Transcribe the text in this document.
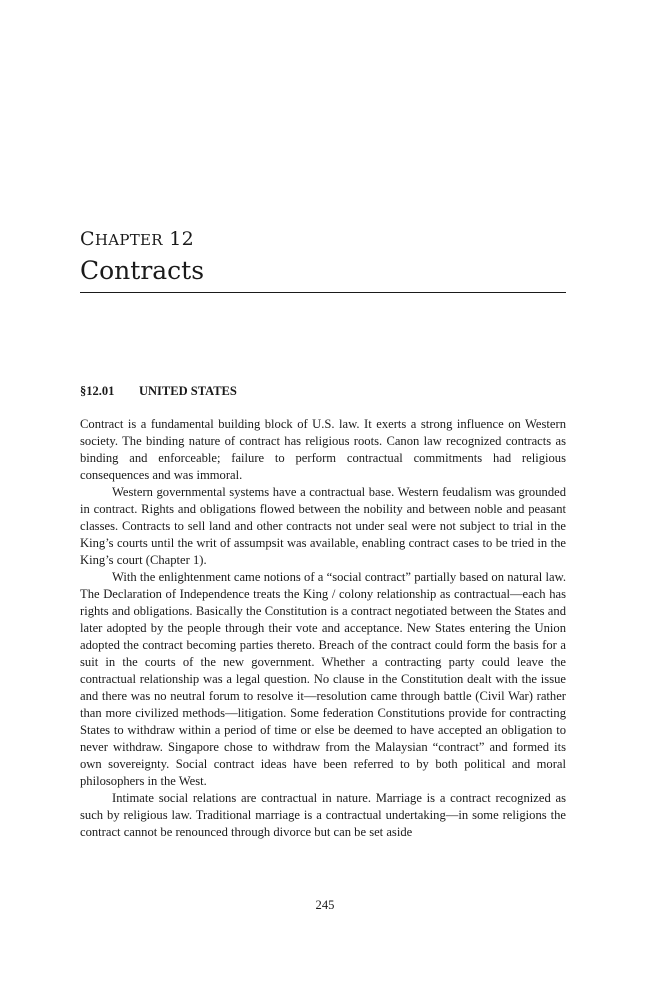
CHAPTER 12
Contracts
§12.01 UNITED STATES

Contract is a fundamental building block of U.S. law. It exerts a strong influence on Western society. The binding nature of contract has religious roots. Canon law recognized contracts as binding and enforceable; failure to perform contractual commitments had religious consequences and was immoral.

Western governmental systems have a contractual base. Western feudalism was grounded in contract. Rights and obligations flowed between the nobility and between noble and peasant classes. Contracts to sell land and other contracts not under seal were not subject to trial in the King’s courts until the writ of assumpsit was available, enabling contract cases to be tried in the King’s court (Chapter 1).

With the enlightenment came notions of a “social contract” partially based on natural law. The Declaration of Independence treats the King / colony relationship as contractual—each has rights and obligations. Basically the Constitution is a contract negotiated between the States and later adopted by the people through their vote and acceptance. New States entering the Union adopted the contract becoming parties thereto. Breach of the contract could form the basis for a suit in the courts of the new government. Whether a contracting party could leave the contractual relationship was a legal question. No clause in the Constitution dealt with the issue and there was no neutral forum to resolve it—resolution came through battle (Civil War) rather than more civilized methods—litigation. Some federation Constitutions provide for contracting States to withdraw within a period of time or else be deemed to have accepted an obligation to never withdraw. Singapore chose to withdraw from the Malaysian “contract” and formed its own sovereignty. Social contract ideas have been referred to by both political and moral philosophers in the West.

Intimate social relations are contractual in nature. Marriage is a contract recognized as such by religious law. Traditional marriage is a contractual undertaking—in some religions the contract cannot be renounced through divorce but can be set aside

245
